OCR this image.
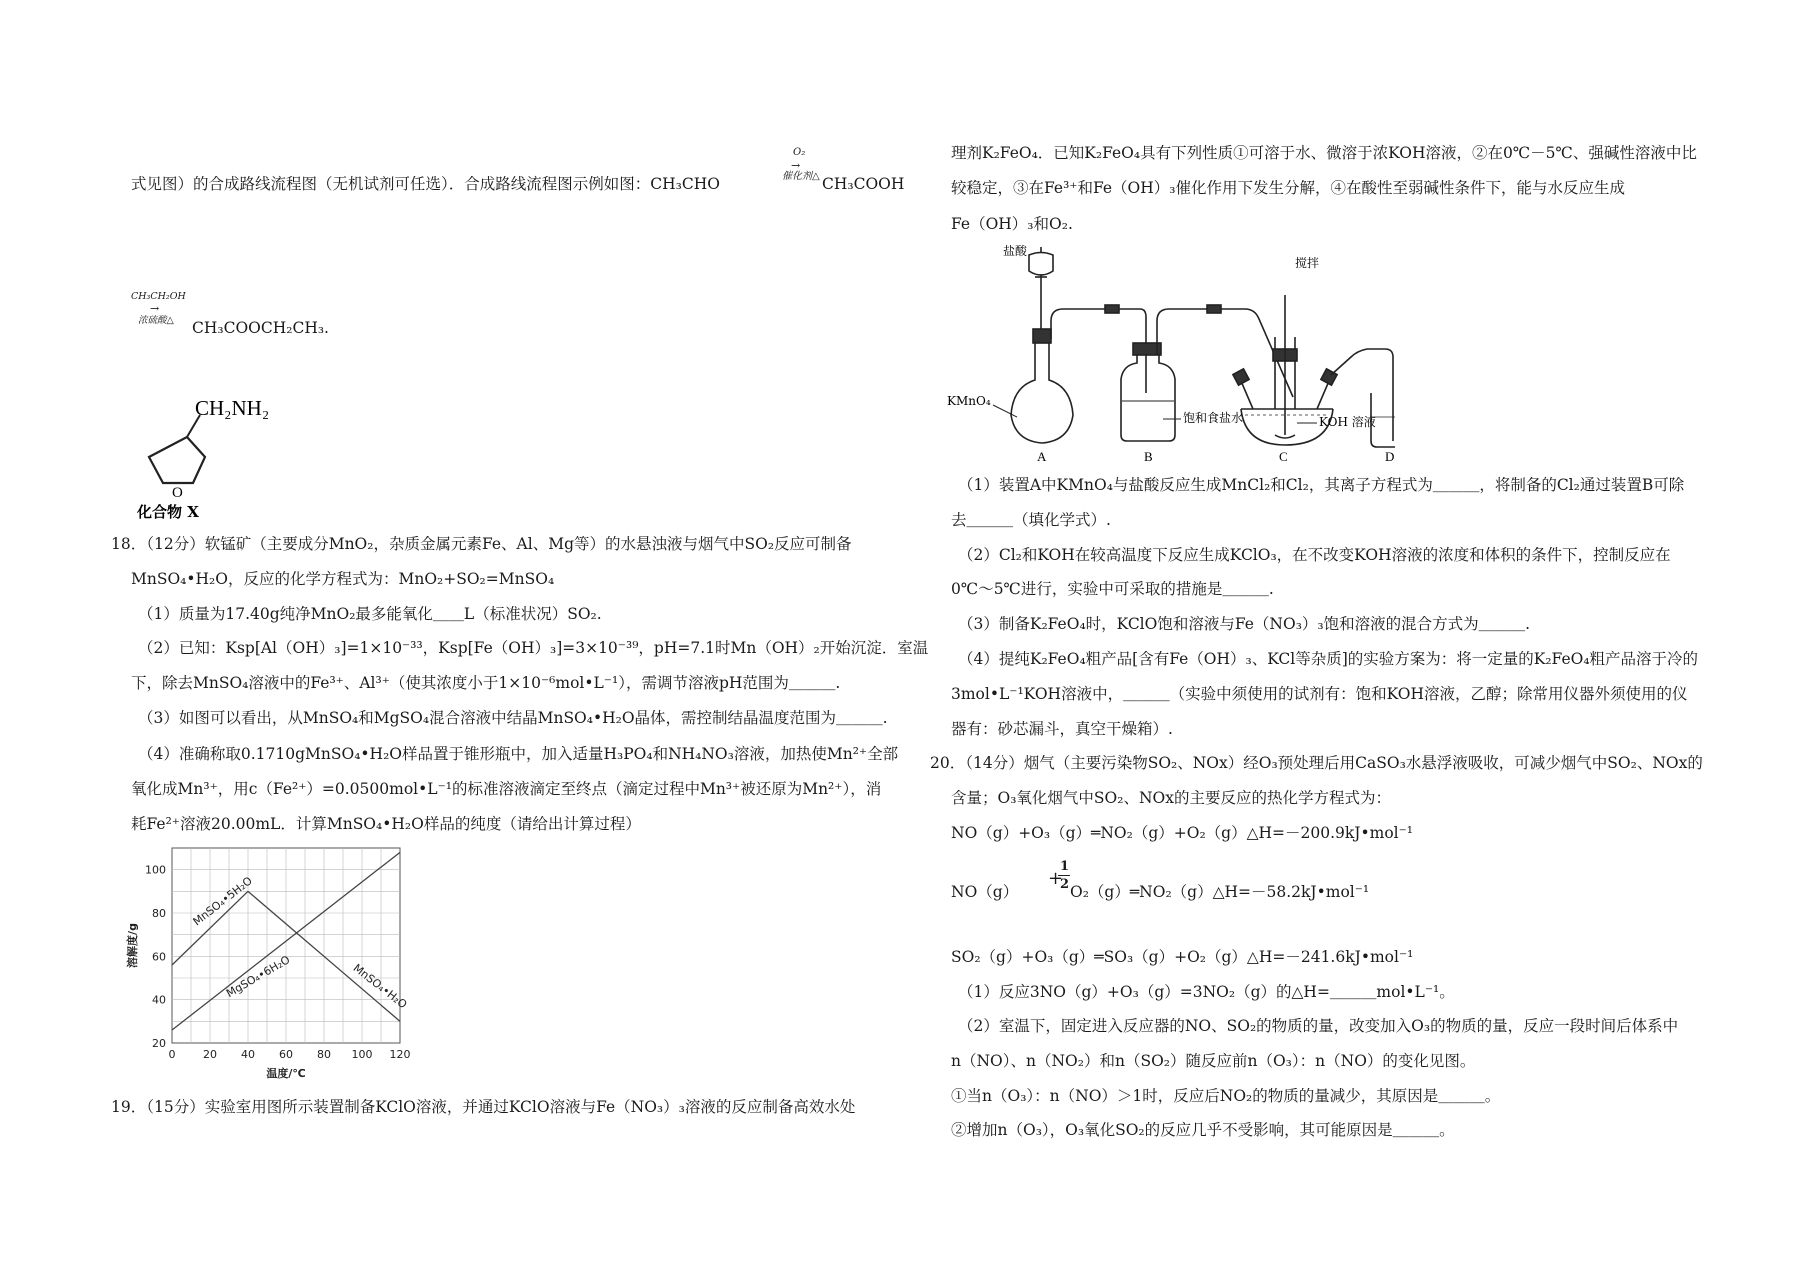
式见图）的合成路线流程图（无机试剂可任选）．合成路线流程图示例如图：CH₃CHO
O₂
→
催化剂△ CH₃COOH
CH₃CH₂OH
→
浓硫酸△ CH₃COOCH₂CH₃.
CH₂NH₂
O
化合物 X
18．（12分）软锰矿（主要成分MnO₂，杂质金属元素Fe、Al、Mg等）的水悬浊液与烟气中SO₂反应可制备
MnSO₄•H₂O，反应的化学方程式为：MnO₂+SO₂=MnSO₄
（1）质量为17.40g纯净MnO₂最多能氧化＿＿L（标准状况）SO₂.
（2）已知：Ksp[Al（OH）₃]=1×10⁻³³，Ksp[Fe（OH）₃]=3×10⁻³⁹，pH=7.1时Mn（OH）₂开始沉淀．室温
下，除去MnSO₄溶液中的Fe³⁺、Al³⁺（使其浓度小于1×10⁻⁶mol•L⁻¹），需调节溶液pH范围为＿＿＿.
（3）如图可以看出，从MnSO₄和MgSO₄混合溶液中结晶MnSO₄•H₂O晶体，需控制结晶温度范围为＿＿＿.
（4）准确称取0.1710gMnSO₄•H₂O样品置于锥形瓶中，加入适量H₃PO₄和NH₄NO₃溶液，加热使Mn²⁺全部
氧化成Mn³⁺，用c（Fe²⁺）=0.0500mol•L⁻¹的标准溶液滴定至终点（滴定过程中Mn³⁺被还原为Mn²⁺），消
耗Fe²⁺溶液20.00mL．计算MnSO₄•H₂O样品的纯度（请给出计算过程）
0	20 40 60 80 100 120
20
40
60
80
100
温度/℃
溶解度/g
MnSO₄•5H₂O
MnSO₄•H₂O
MgSO₄•6H₂O
19．（15分）实验室用图所示装置制备KClO溶液，并通过KClO溶液与Fe（NO₃）₃溶液的反应制备高效水处
理剂K₂FeO₄．已知K₂FeO₄具有下列性质①可溶于水、微溶于浓KOH溶液，②在0℃－5℃、强碱性溶液中比
较稳定，③在Fe³⁺和Fe（OH）₃催化作用下发生分解，④在酸性至弱碱性条件下，能与水反应生成
Fe（OH）₃和O₂.
盐酸
搅拌
KMnO₄
饱和食盐水	KOH 溶液
A	B	C	D
（1）装置A中KMnO₄与盐酸反应生成MnCl₂和Cl₂，其离子方程式为＿＿＿，将制备的Cl₂通过装置B可除
去＿＿＿（填化学式）.
（2）Cl₂和KOH在较高温度下反应生成KClO₃，在不改变KOH溶液的浓度和体积的条件下，控制反应在
0℃～5℃进行，实验中可采取的措施是＿＿＿.
（3）制备K₂FeO₄时，KClO饱和溶液与Fe（NO₃）₃饱和溶液的混合方式为＿＿＿.
（4）提纯K₂FeO₄粗产品[含有Fe（OH）₃、KCl等杂质]的实验方案为：将一定量的K₂FeO₄粗产品溶于冷的
3mol•L⁻¹KOH溶液中，＿＿＿（实验中须使用的试剂有：饱和KOH溶液，乙醇；除常用仪器外须使用的仪
器有：砂芯漏斗，真空干燥箱）.
20．（14分）烟气（主要污染物SO₂、NOx）经O₃预处理后用CaSO₃水悬浮液吸收，可减少烟气中SO₂、NOx的
含量；O₃氧化烟气中SO₂、NOx的主要反应的热化学方程式为：
NO（g）+O₃（g）═NO₂（g）+O₂（g）△H=－200.9kJ•mol⁻¹
NO（g）
+
1
2 O₂（g）═NO₂（g）△H=－58.2kJ•mol⁻¹
SO₂（g）+O₃（g）═SO₃（g）+O₂（g）△H=－241.6kJ•mol⁻¹
（1）反应3NO（g）+O₃（g）=3NO₂（g）的△H=＿＿＿mol•L⁻¹。
（2）室温下，固定进入反应器的NO、SO₂的物质的量，改变加入O₃的物质的量，反应一段时间后体系中
n（NO）、n（NO₂）和n（SO₂）随反应前n（O₃）：n（NO）的变化见图。
①当n（O₃）：n（NO）＞1时，反应后NO₂的物质的量减少，其原因是＿＿＿。
②增加n（O₃），O₃氧化SO₂的反应几乎不受影响，其可能原因是＿＿＿。
